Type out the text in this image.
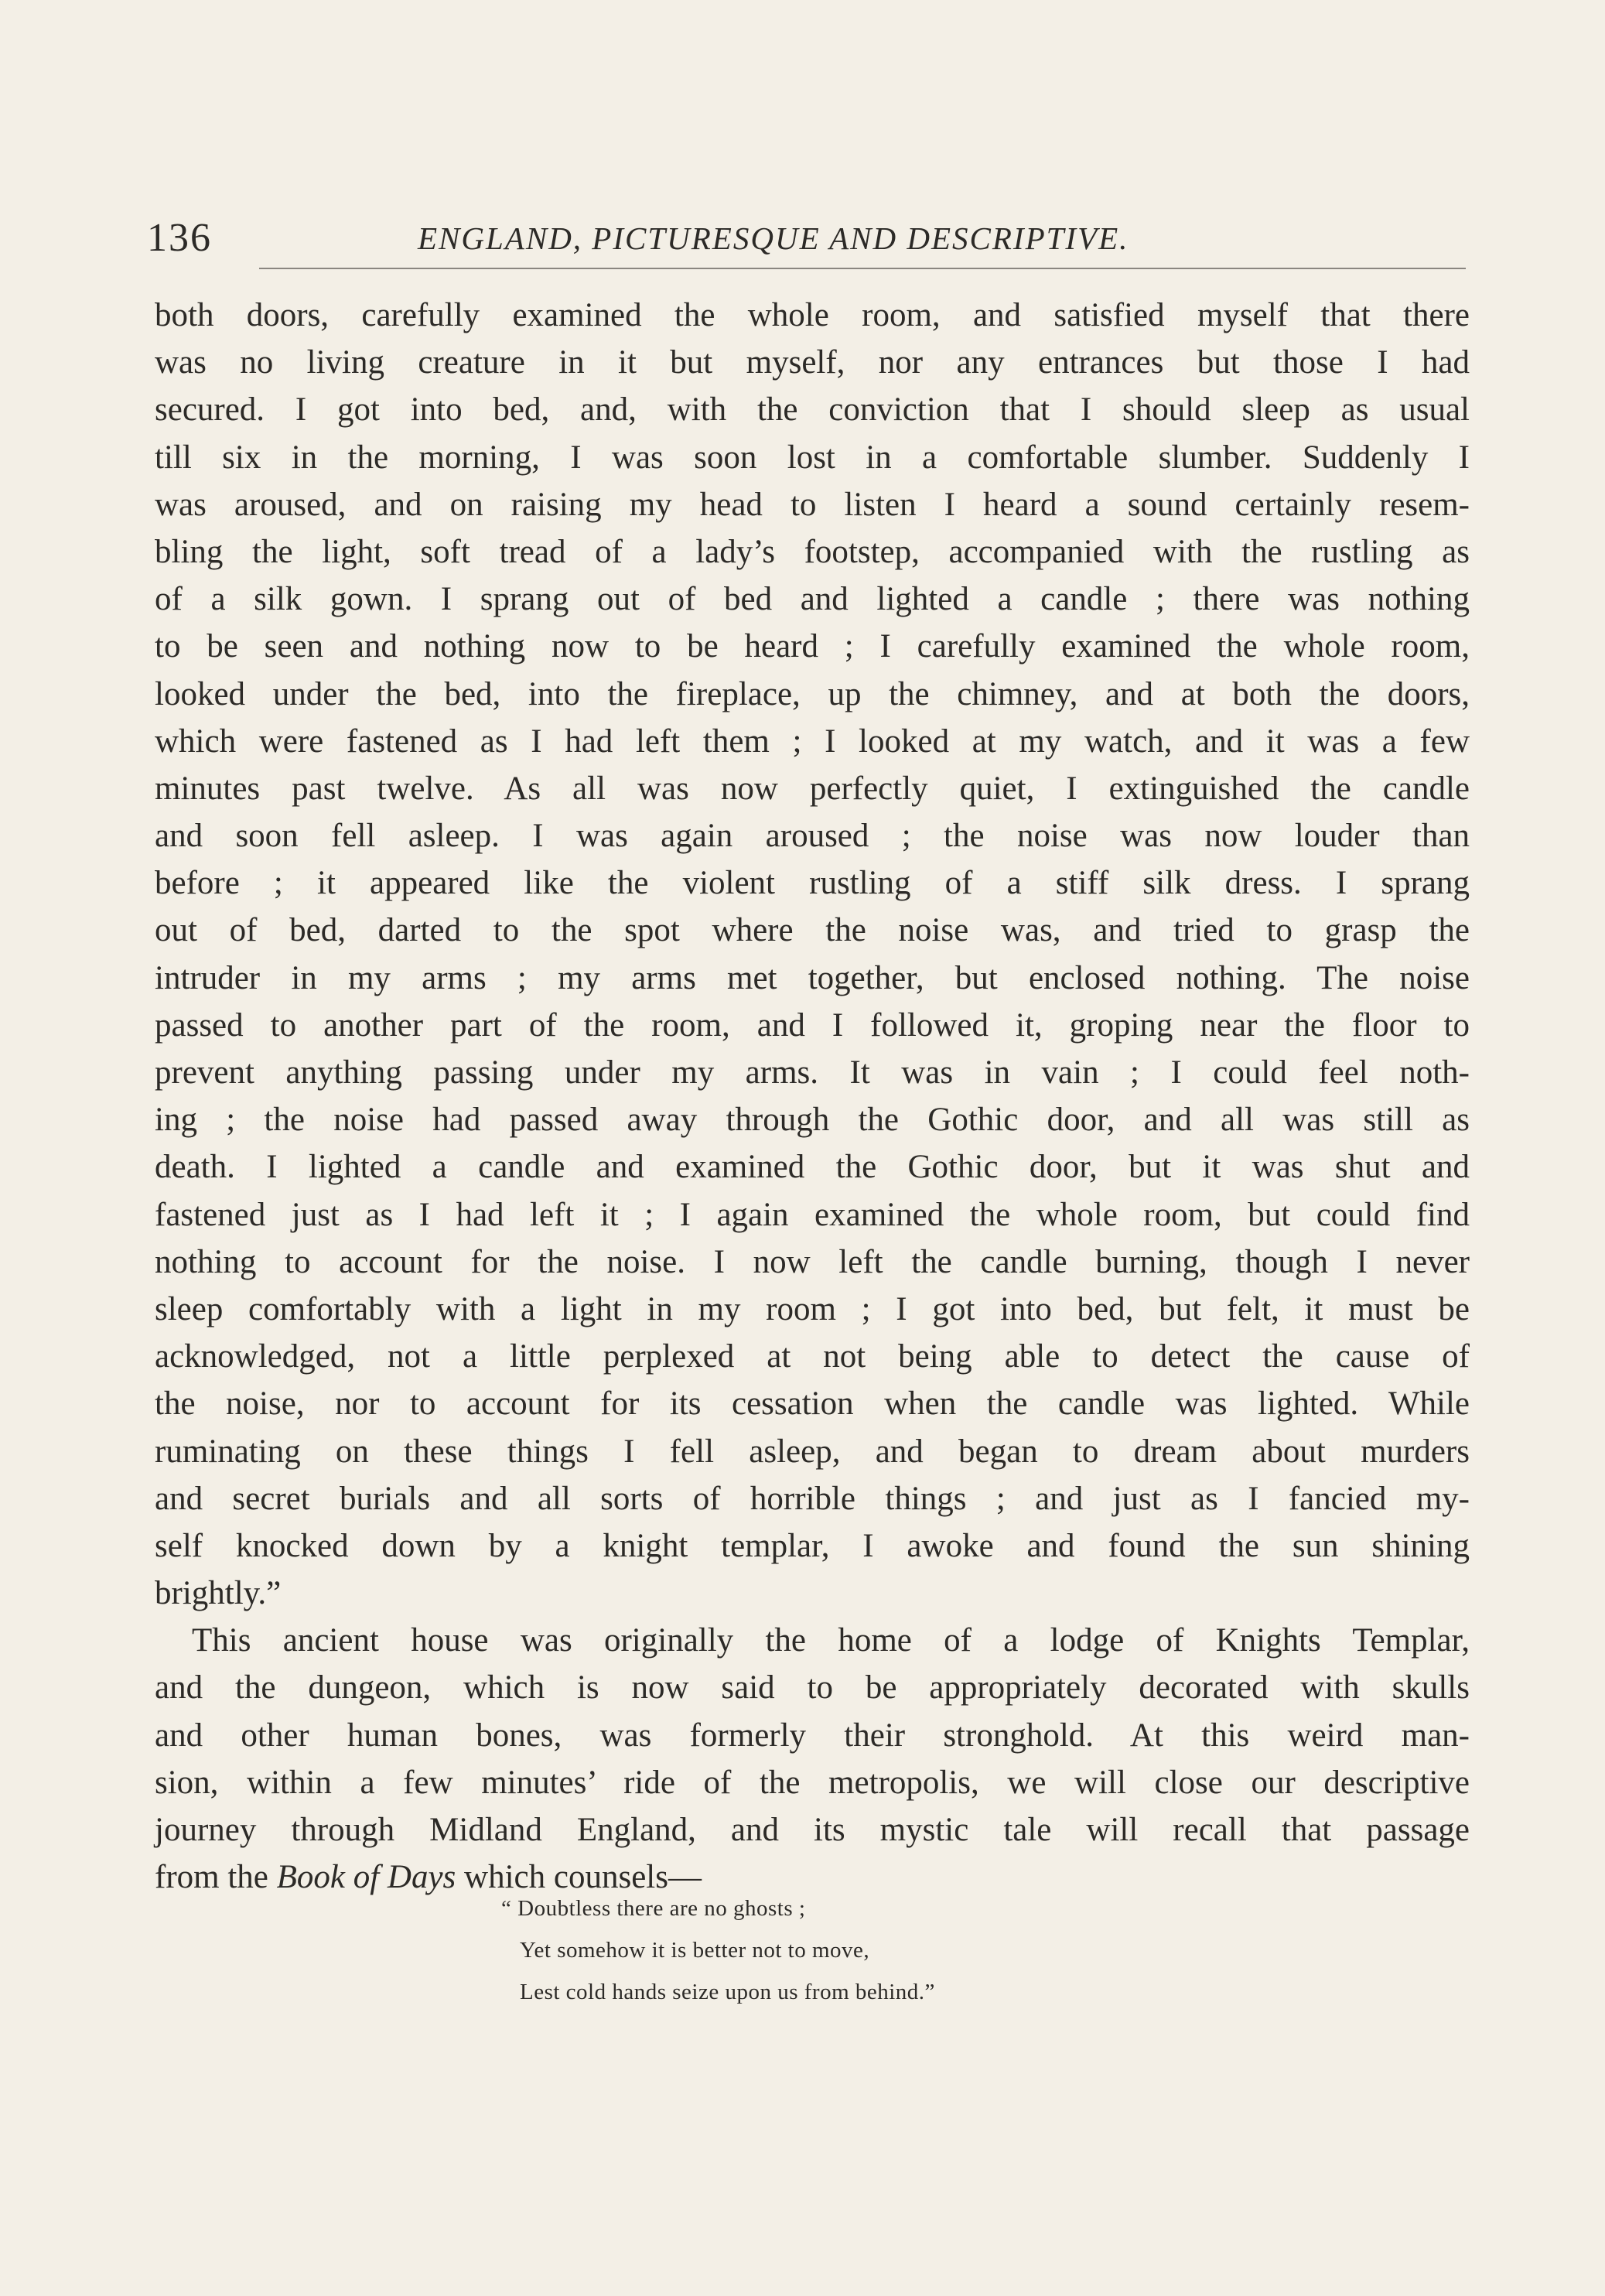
136	ENGLAND, PICTURESQUE AND DESCRIPTIVE.
both doors, carefully examined the whole room, and satisfied myself that there
was no living creature in it but myself, nor any entrances but those I had
secured. I got into bed, and, with the conviction that I should sleep as usual
till six in the morning, I was soon lost in a comfortable slumber. Suddenly I
was aroused, and on raising my head to listen I heard a sound certainly resem-
bling the light, soft tread of a lady’s footstep, accompanied with the rustling as
of a silk gown. I sprang out of bed and lighted a candle ; there was nothing
to be seen and nothing now to be heard ; I carefully examined the whole room,
looked under the bed, into the fireplace, up the chimney, and at both the doors,
which were fastened as I had left them ; I looked at my watch, and it was a few
minutes past twelve. As all was now perfectly quiet, I extinguished the candle
and soon fell asleep. I was again aroused ; the noise was now louder than
before ; it appeared like the violent rustling of a stiff silk dress. I sprang
out of bed, darted to the spot where the noise was, and tried to grasp the
intruder in my arms ; my arms met together, but enclosed nothing. The noise
passed to another part of the room, and I followed it, groping near the floor to
prevent anything passing under my arms. It was in vain ; I could feel noth-
ing ; the noise had passed away through the Gothic door, and all was still as
death. I lighted a candle and examined the Gothic door, but it was shut and
fastened just as I had left it ; I again examined the whole room, but could find
nothing to account for the noise. I now left the candle burning, though I never
sleep comfortably with a light in my room ; I got into bed, but felt, it must be
acknowledged, not a little perplexed at not being able to detect the cause of
the noise, nor to account for its cessation when the candle was lighted. While
ruminating on these things I fell asleep, and began to dream about murders
and secret burials and all sorts of horrible things ; and just as I fancied my-
self knocked down by a knight templar, I awoke and found the sun shining
brightly.”
This ancient house was originally the home of a lodge of Knights Templar,
and the dungeon, which is now said to be appropriately decorated with skulls
and other human bones, was formerly their stronghold. At this weird man-
sion, within a few minutes’ ride of the metropolis, we will close our descriptive
journey through Midland England, and its mystic tale will recall that passage
from the Book of Days which counsels—
“ Doubtless there are no ghosts ;
Yet somehow it is better not to move,
Lest cold hands seize upon us from behind.”
